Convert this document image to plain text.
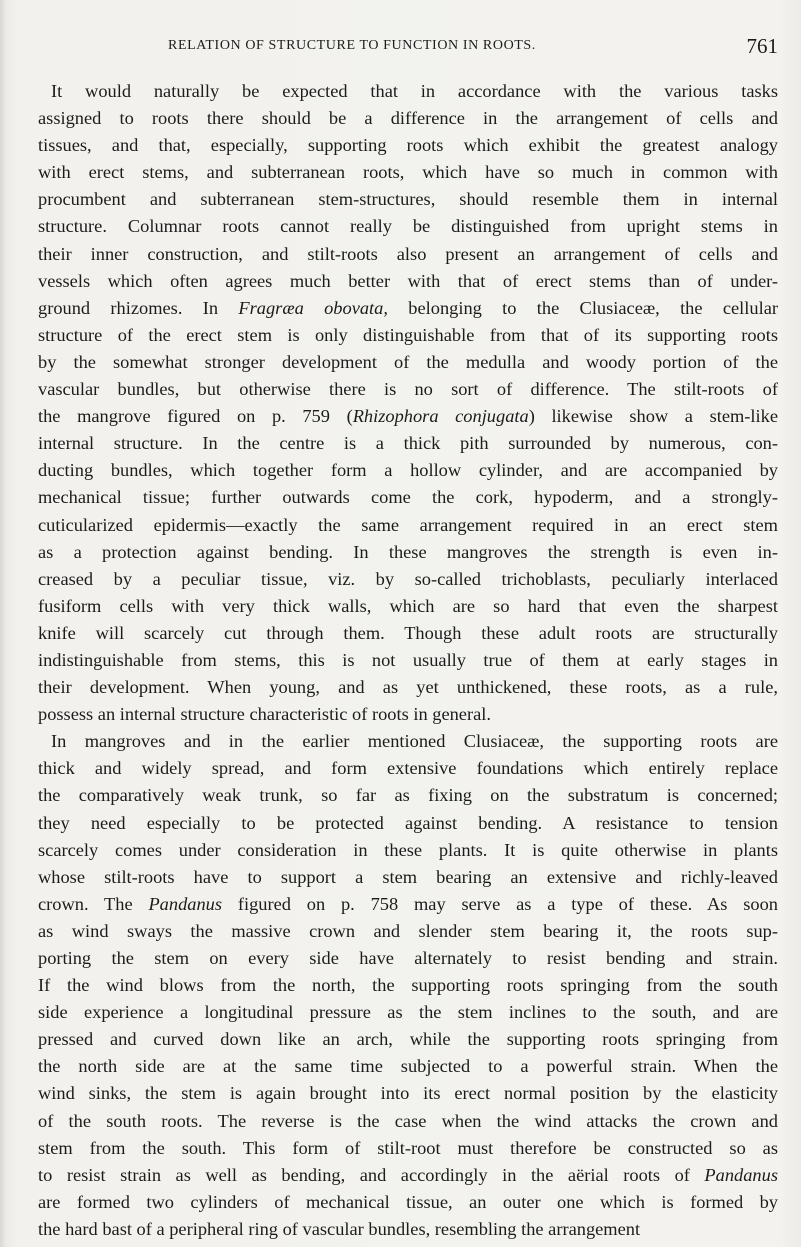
RELATION OF STRUCTURE TO FUNCTION IN ROOTS.	761

It would naturally be expected that in accordance with the various tasks
assigned to roots there should be a difference in the arrangement of cells and
tissues, and that, especially, supporting roots which exhibit the greatest analogy
with erect stems, and subterranean roots, which have so much in common with
procumbent and subterranean stem-structures, should resemble them in internal
structure. Columnar roots cannot really be distinguished from upright stems in
their inner construction, and stilt-roots also present an arrangement of cells and
vessels which often agrees much better with that of erect stems than of under-
ground rhizomes. In Fragræa obovata, belonging to the Clusiaceæ, the cellular
structure of the erect stem is only distinguishable from that of its supporting roots
by the somewhat stronger development of the medulla and woody portion of the
vascular bundles, but otherwise there is no sort of difference. The stilt-roots of
the mangrove figured on p. 759 (Rhizophora conjugata) likewise show a stem-like
internal structure. In the centre is a thick pith surrounded by numerous, con-
ducting bundles, which together form a hollow cylinder, and are accompanied by
mechanical tissue; further outwards come the cork, hypoderm, and a strongly-
cuticularized epidermis—exactly the same arrangement required in an erect stem
as a protection against bending. In these mangroves the strength is even in-
creased by a peculiar tissue, viz. by so-called trichoblasts, peculiarly interlaced
fusiform cells with very thick walls, which are so hard that even the sharpest
knife will scarcely cut through them. Though these adult roots are structurally
indistinguishable from stems, this is not usually true of them at early stages in
their development. When young, and as yet unthickened, these roots, as a rule,
possess an internal structure characteristic of roots in general.

In mangroves and in the earlier mentioned Clusiaceæ, the supporting roots are
thick and widely spread, and form extensive foundations which entirely replace
the comparatively weak trunk, so far as fixing on the substratum is concerned;
they need especially to be protected against bending. A resistance to tension
scarcely comes under consideration in these plants. It is quite otherwise in plants
whose stilt-roots have to support a stem bearing an extensive and richly-leaved
crown. The Pandanus figured on p. 758 may serve as a type of these. As soon
as wind sways the massive crown and slender stem bearing it, the roots sup-
porting the stem on every side have alternately to resist bending and strain.
If the wind blows from the north, the supporting roots springing from the south
side experience a longitudinal pressure as the stem inclines to the south, and are
pressed and curved down like an arch, while the supporting roots springing from
the north side are at the same time subjected to a powerful strain. When the
wind sinks, the stem is again brought into its erect normal position by the elasticity
of the south roots. The reverse is the case when the wind attacks the crown and
stem from the south. This form of stilt-root must therefore be constructed so as
to resist strain as well as bending, and accordingly in the aërial roots of Pandanus
are formed two cylinders of mechanical tissue, an outer one which is formed by
the hard bast of a peripheral ring of vascular bundles, resembling the arrangement
